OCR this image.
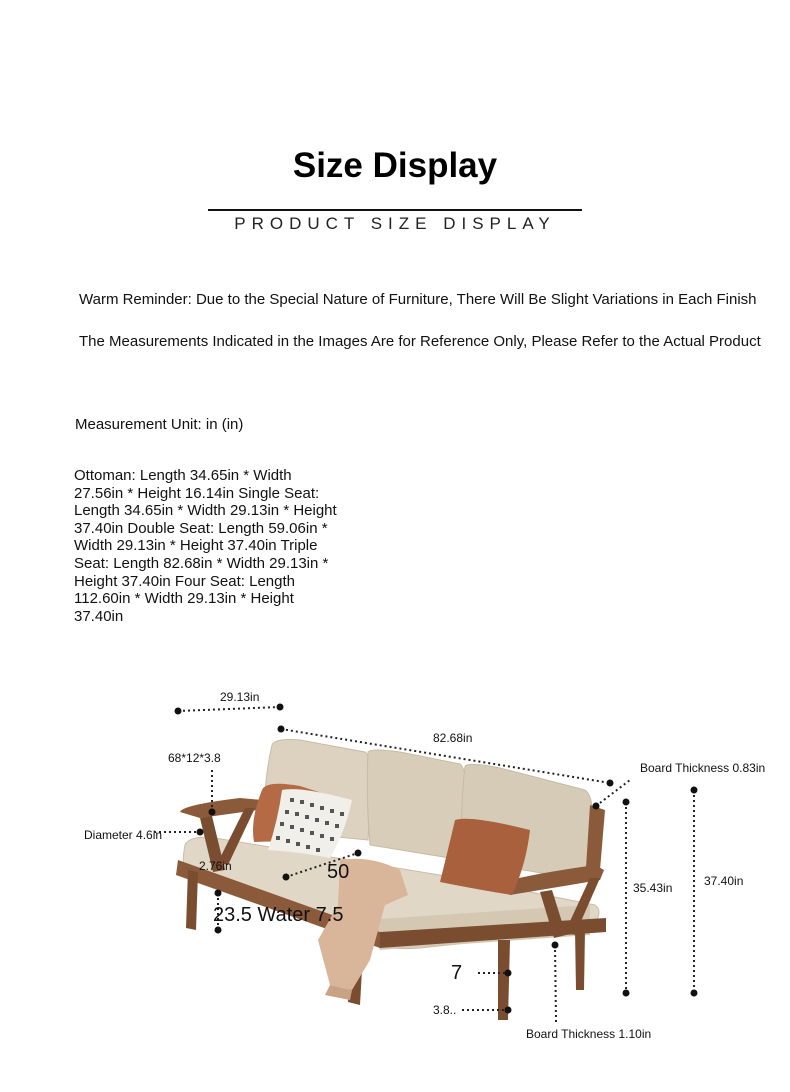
Size Display
PRODUCT SIZE DISPLAY
Warm Reminder: Due to the Special Nature of Furniture, There Will Be Slight Variations in Each Finish
The Measurements Indicated in the Images Are for Reference Only, Please Refer to the Actual Product
Measurement Unit: in (in)
Ottoman: Length 34.65in * Width 27.56in * Height 16.14in Single Seat: Length 34.65in * Width 29.13in * Height 37.40in Double Seat: Length 59.06in * Width 29.13in * Height 37.40in Triple Seat: Length 82.68in * Width 29.13in * Height 37.40in Four Seat: Length 112.60in * Width 29.13in * Height 37.40in
29.13in
82.68in
68*12*3.8
Board Thickness 0.83in
Diameter 4.6in
2.76in	50
23.5 Water 7.5
35.43in	37.40in
7
3.8..
Board Thickness 1.10in
